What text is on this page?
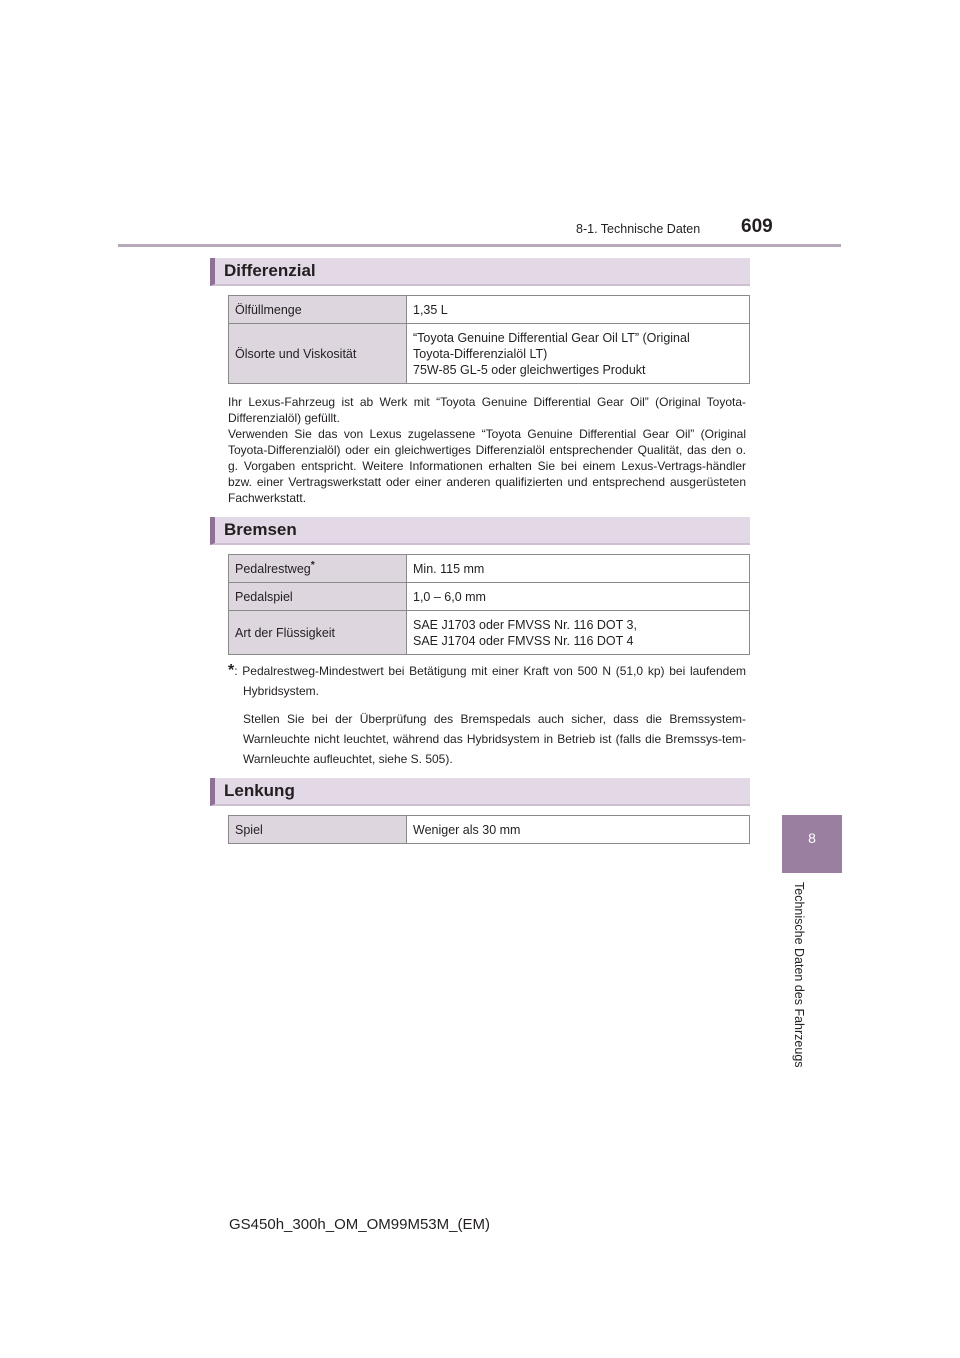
8-1. Technische Daten 609
8
Technische Daten des Fahrzeugs
Differenzial
Ölfüllmenge	1,35 L
Ölsorte und Viskosität	“Toyota Genuine Differential Gear Oil LT” (Original
Toyota-Differenzialöl LT)
75W-85 GL-5 oder gleichwertiges Produkt
Ihr Lexus-Fahrzeug ist ab Werk mit “Toyota Genuine Differential Gear Oil” (Original Toyota-Differenzialöl) gefüllt.
Verwenden Sie das von Lexus zugelassene “Toyota Genuine Differential Gear Oil” (Original Toyota-Differenzialöl) oder ein gleichwertiges Differenzialöl entsprechender Qualität, das den o. g. Vorgaben entspricht. Weitere Informationen erhalten Sie bei einem Lexus-Vertrags-händler bzw. einer Vertragswerkstatt oder einer anderen qualifizierten und entsprechend ausgerüsteten Fachwerkstatt.
Bremsen
Pedalrestweg*	Min. 115 mm
Pedalspiel	1,0 – 6,0 mm
Art der Flüssigkeit	SAE J1703 oder FMVSS Nr. 116 DOT 3,
SAE J1704 oder FMVSS Nr. 116 DOT 4
*: Pedalrestweg-Mindestwert bei Betätigung mit einer Kraft von 500 N (51,0 kp) bei laufendem Hybridsystem.
Stellen Sie bei der Überprüfung des Bremspedals auch sicher, dass die Bremssystem-Warnleuchte nicht leuchtet, während das Hybridsystem in Betrieb ist (falls die Bremssys-tem-Warnleuchte aufleuchtet, siehe S. 505).
Lenkung
Spiel	Weniger als 30 mm
GS450h_300h_OM_OM99M53M_(EM)
